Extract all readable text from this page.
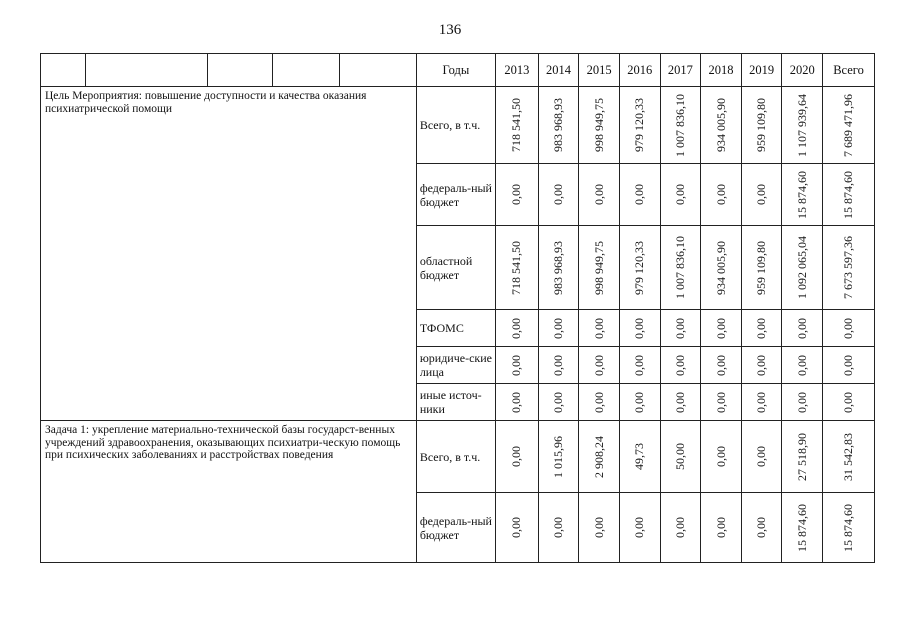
136
					Годы	2013	2014	2015	2016	2017	2018	2019	2020	Всего
Цель Мероприятия: повышение доступности и качества оказания психиатрической помощи					Всего, в т.ч.	718 541,50	983 968,93	998 949,75	979 120,33	1 007 836,10	934 005,90	959 109,80	1 107 939,64	7 689 471,96

					федераль-ный бюджет	0,00	0,00	0,00	0,00	0,00	0,00	0,00	15 874,60	15 874,60

					областной бюджет	718 541,50	983 968,93	998 949,75	979 120,33	1 007 836,10	934 005,90	959 109,80	1 092 065,04	7 673 597,36

					ТФОМС	0,00	0,00	0,00	0,00	0,00	0,00	0,00	0,00	0,00

					юридиче-ские лица	0,00	0,00	0,00	0,00	0,00	0,00	0,00	0,00	0,00

					иные источ-ники	0,00	0,00	0,00	0,00	0,00	0,00	0,00	0,00	0,00

Задача 1: укрепление материально-технической базы государст-венных учреждений здравоохранения, оказывающих психиатри-ческую помощь при психических заболеваниях и расстройствах поведения					Всего, в т.ч.	0,00	1 015,96	2 908,24	49,73	50,00	0,00	0,00	27 518,90	31 542,83

					федераль-ный бюджет	0,00	0,00	0,00	0,00	0,00	0,00	0,00	15 874,60	15 874,60
